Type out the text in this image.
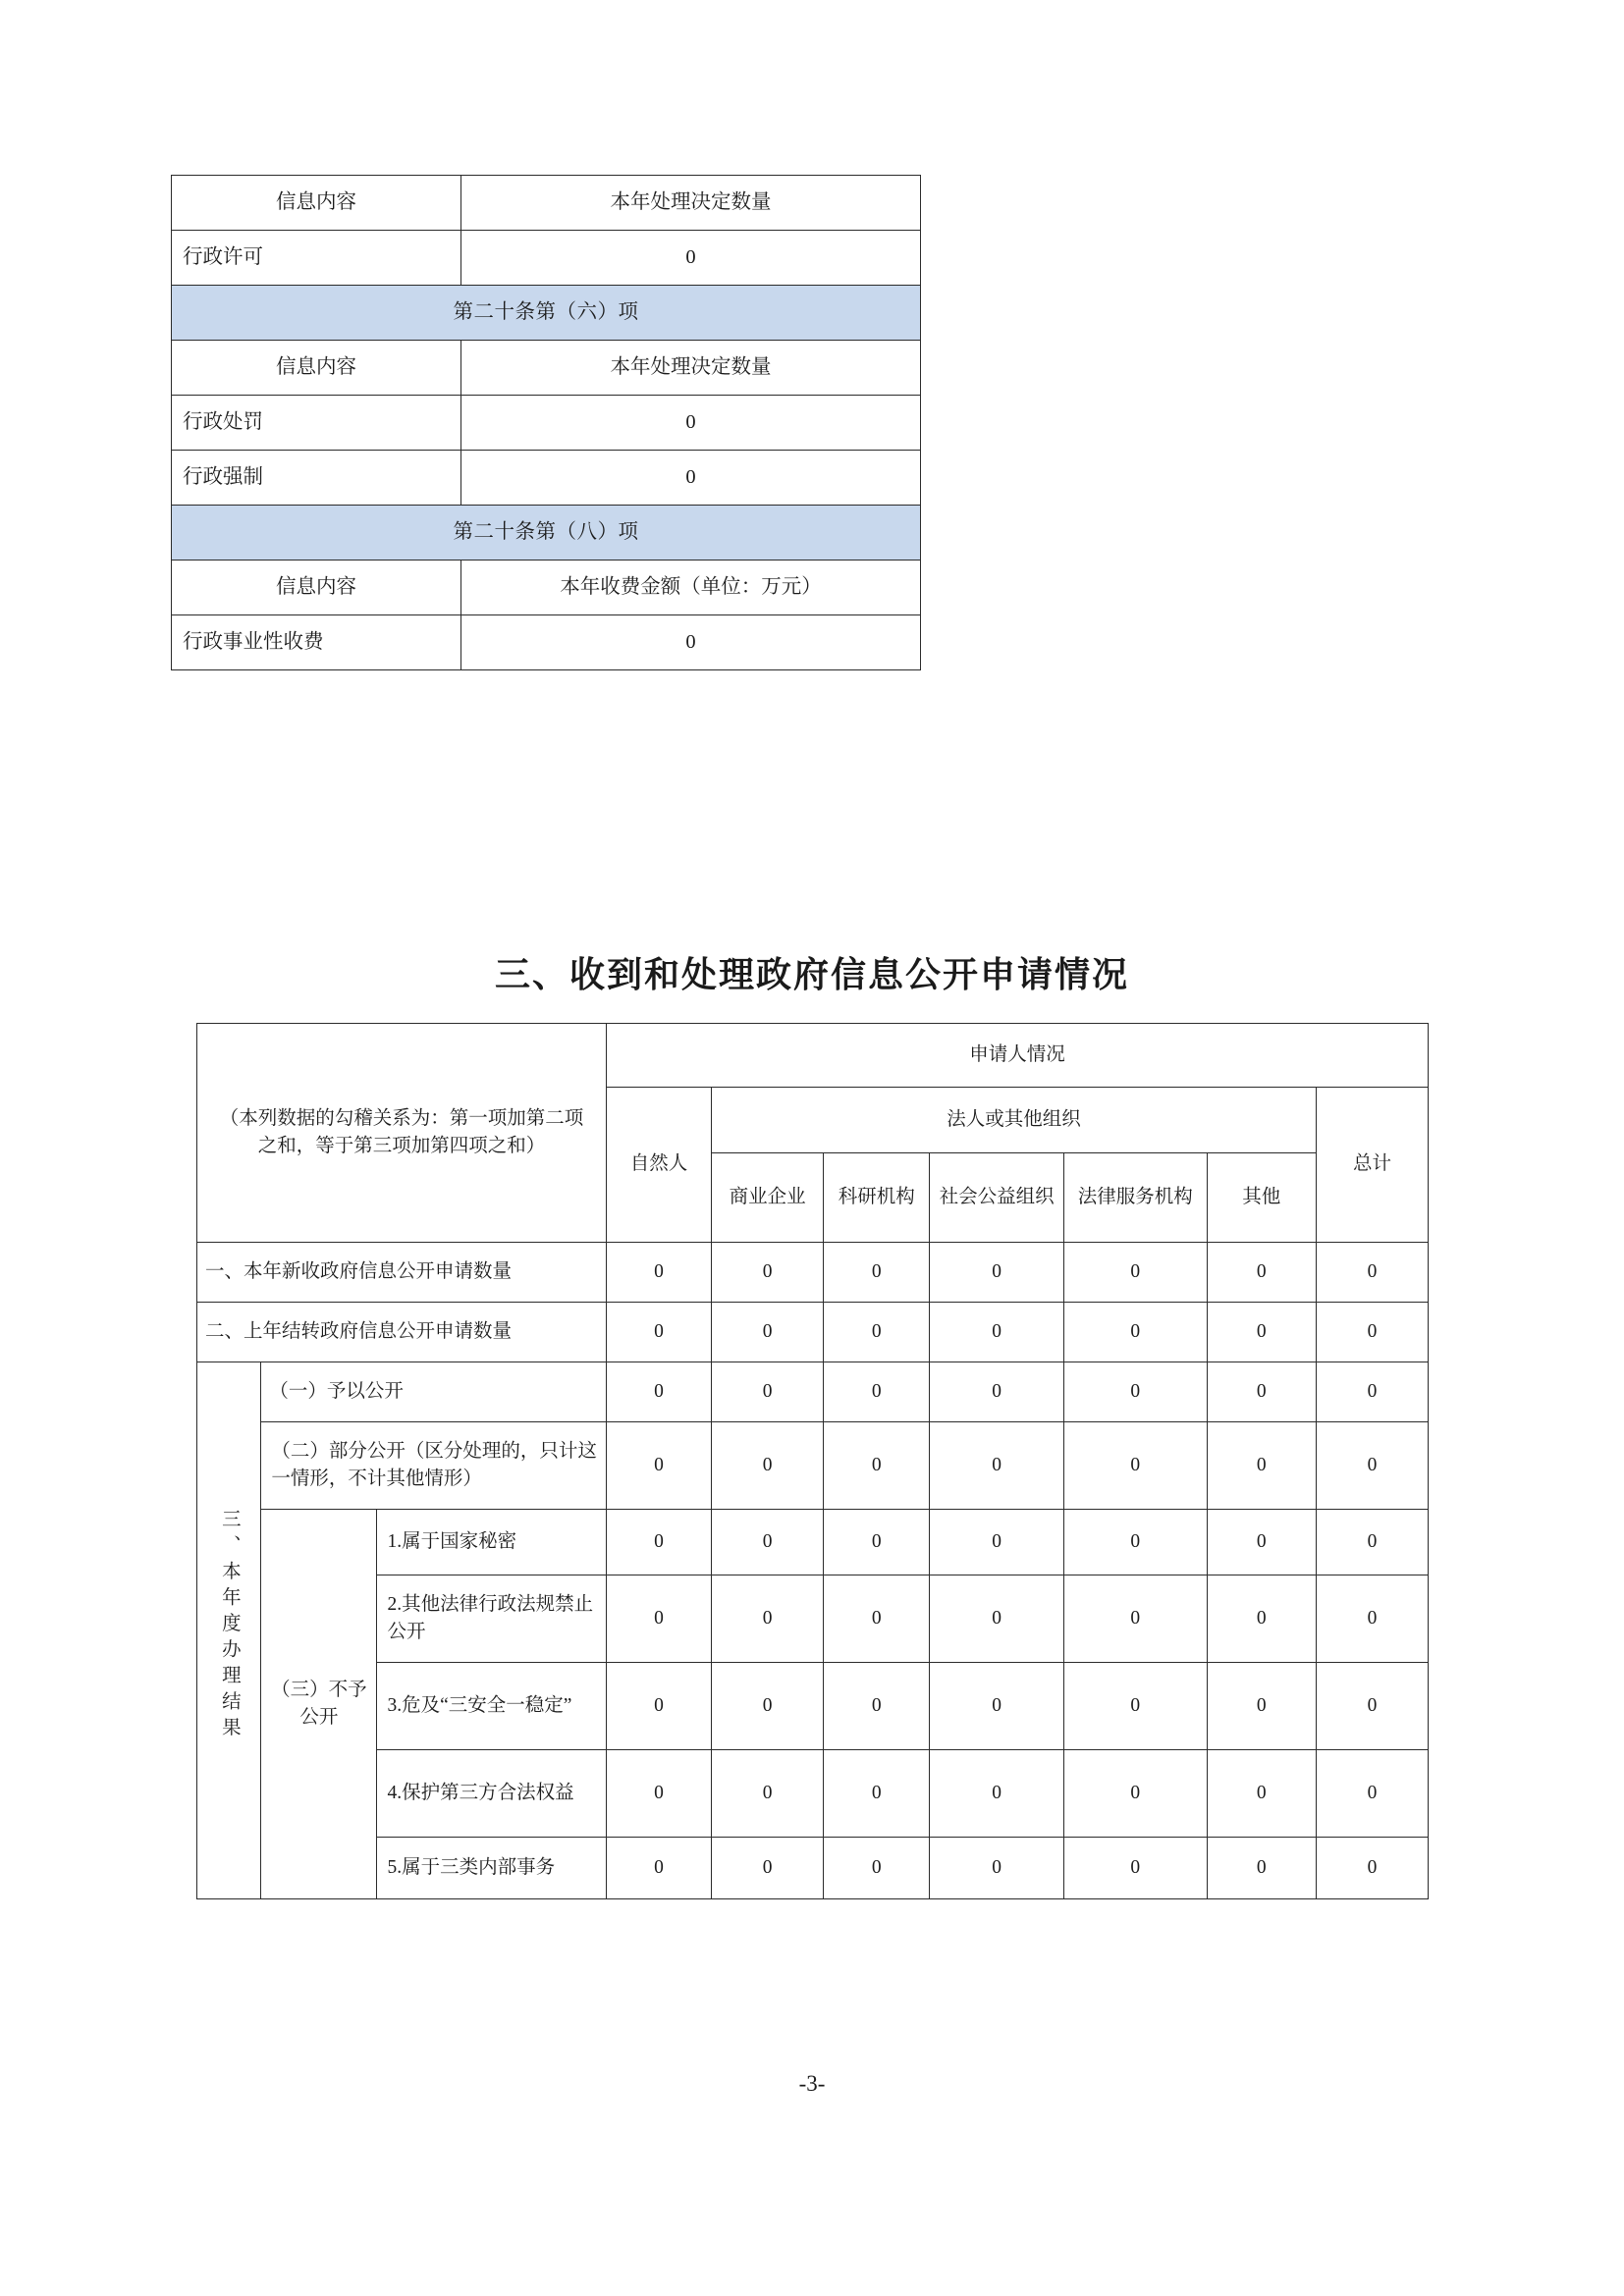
信息内容	本年处理决定数量
行政许可	0
第二十条第（六）项	
信息内容	本年处理决定数量
行政处罚	0
行政强制	0
第二十条第（八）项	
信息内容	本年收费金额（单位：万元）
行政事业性收费	0
三、收到和处理政府信息公开申请情况
（本列数据的勾稽关系为：第一项加第二项之和，等于第三项加第四项之和）			申请人情况						
			自然人	法人或其他组织					总计
				商业企业	科研机构	社会公益组织	法律服务机构	其他	
一、本年新收政府信息公开申请数量			0	0	0	0	0	0	0
二、上年结转政府信息公开申请数量			0	0	0	0	0	0	0
三、本年度办理结果	（一）予以公开		0	0	0	0	0	0	0
	（二）部分公开（区分处理的，只计这一情形，不计其他情形）		0	0	0	0	0	0	0
	（三）不予公开	1.属于国家秘密	0	0	0	0	0	0	0
		2.其他法律行政法规禁止公开	0	0	0	0	0	0	0
		3.危及“三安全一稳定”	0	0	0	0	0	0	0
		4.保护第三方合法权益	0	0	0	0	0	0	0
		5.属于三类内部事务	0	0	0	0	0	0	0
-3-
